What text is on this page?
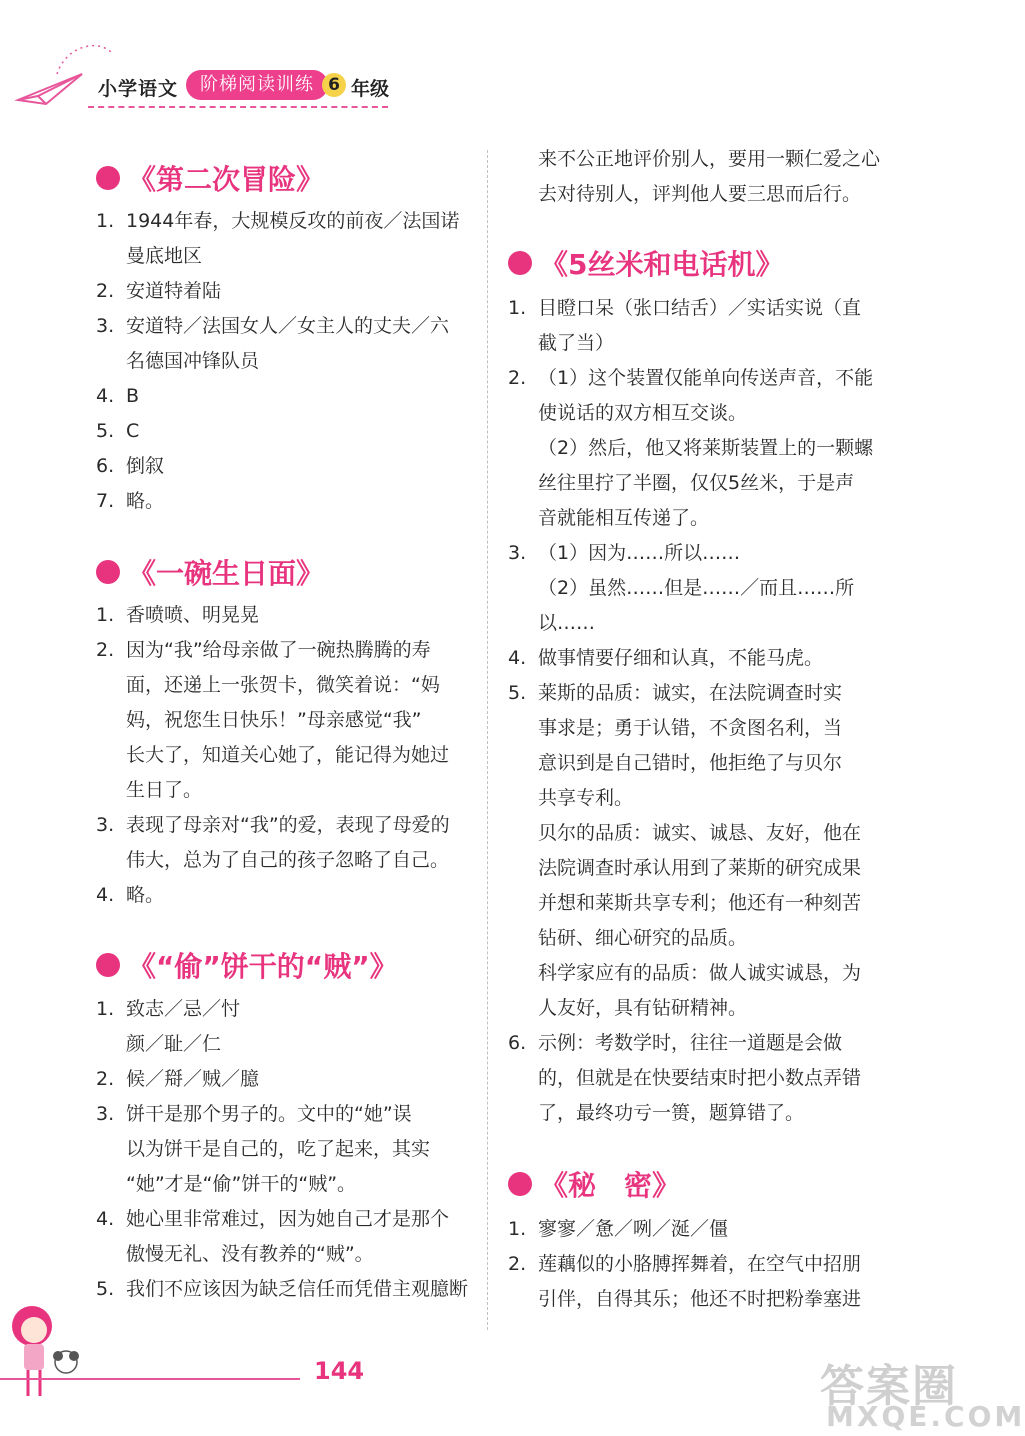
小学语文	阶梯阅读训练 6 年级
《第二次冒险》
1. 1944年春，大规模反攻的前夜／法国诺
曼底地区
2. 安道特着陆
3. 安道特／法国女人／女主人的丈夫／六
名德国冲锋队员
4. B
5. C
6. 倒叙
7. 略。
《一碗生日面》
1. 香喷喷、明晃晃
2. 因为“我”给母亲做了一碗热腾腾的寿
面，还递上一张贺卡，微笑着说：“妈
妈，祝您生日快乐！”母亲感觉“我”
长大了，知道关心她了，能记得为她过
生日了。
3. 表现了母亲对“我”的爱，表现了母爱的
伟大，总为了自己的孩子忽略了自己。
4. 略。
《“偷”饼干的“贼”》
1. 致志／忌／忖
颜／耻／仁
2. 候／搿／贼／臆
3. 饼干是那个男子的。文中的“她”误
以为饼干是自己的，吃了起来，其实
“她”才是“偷”饼干的“贼”。
4. 她心里非常难过，因为她自己才是那个
傲慢无礼、没有教养的“贼”。
5. 我们不应该因为缺乏信任而凭借主观臆断
来不公正地评价别人，要用一颗仁爱之心
去对待别人，评判他人要三思而后行。
《5丝米和电话机》
1. 目瞪口呆（张口结舌）／实话实说（直
截了当）
2. （1）这个装置仅能单向传送声音，不能
使说话的双方相互交谈。
（2）然后，他又将莱斯装置上的一颗螺
丝往里拧了半圈，仅仅5丝米，于是声
音就能相互传递了。
3. （1）因为……所以……
（2）虽然……但是……／而且……所
以……
4. 做事情要仔细和认真，不能马虎。
5. 莱斯的品质：诚实，在法院调查时实
事求是；勇于认错，不贪图名利，当
意识到是自己错时，他拒绝了与贝尔
共享专利。
贝尔的品质：诚实、诚恳、友好，他在
法院调查时承认用到了莱斯的研究成果
并想和莱斯共享专利；他还有一种刻苦
钻研、细心研究的品质。
科学家应有的品质：做人诚实诚恳，为
人友好，具有钻研精神。
6. 示例：考数学时，往往一道题是会做
的，但就是在快要结束时把小数点弄错
了，最终功亏一篑，题算错了。
《秘　密》
1. 寥寥／惫／咧／涎／僵
2. 莲藕似的小胳膊挥舞着，在空气中招朋
引伴，自得其乐；他还不时把粉拳塞进
144	答案圈
MXQE.COM
